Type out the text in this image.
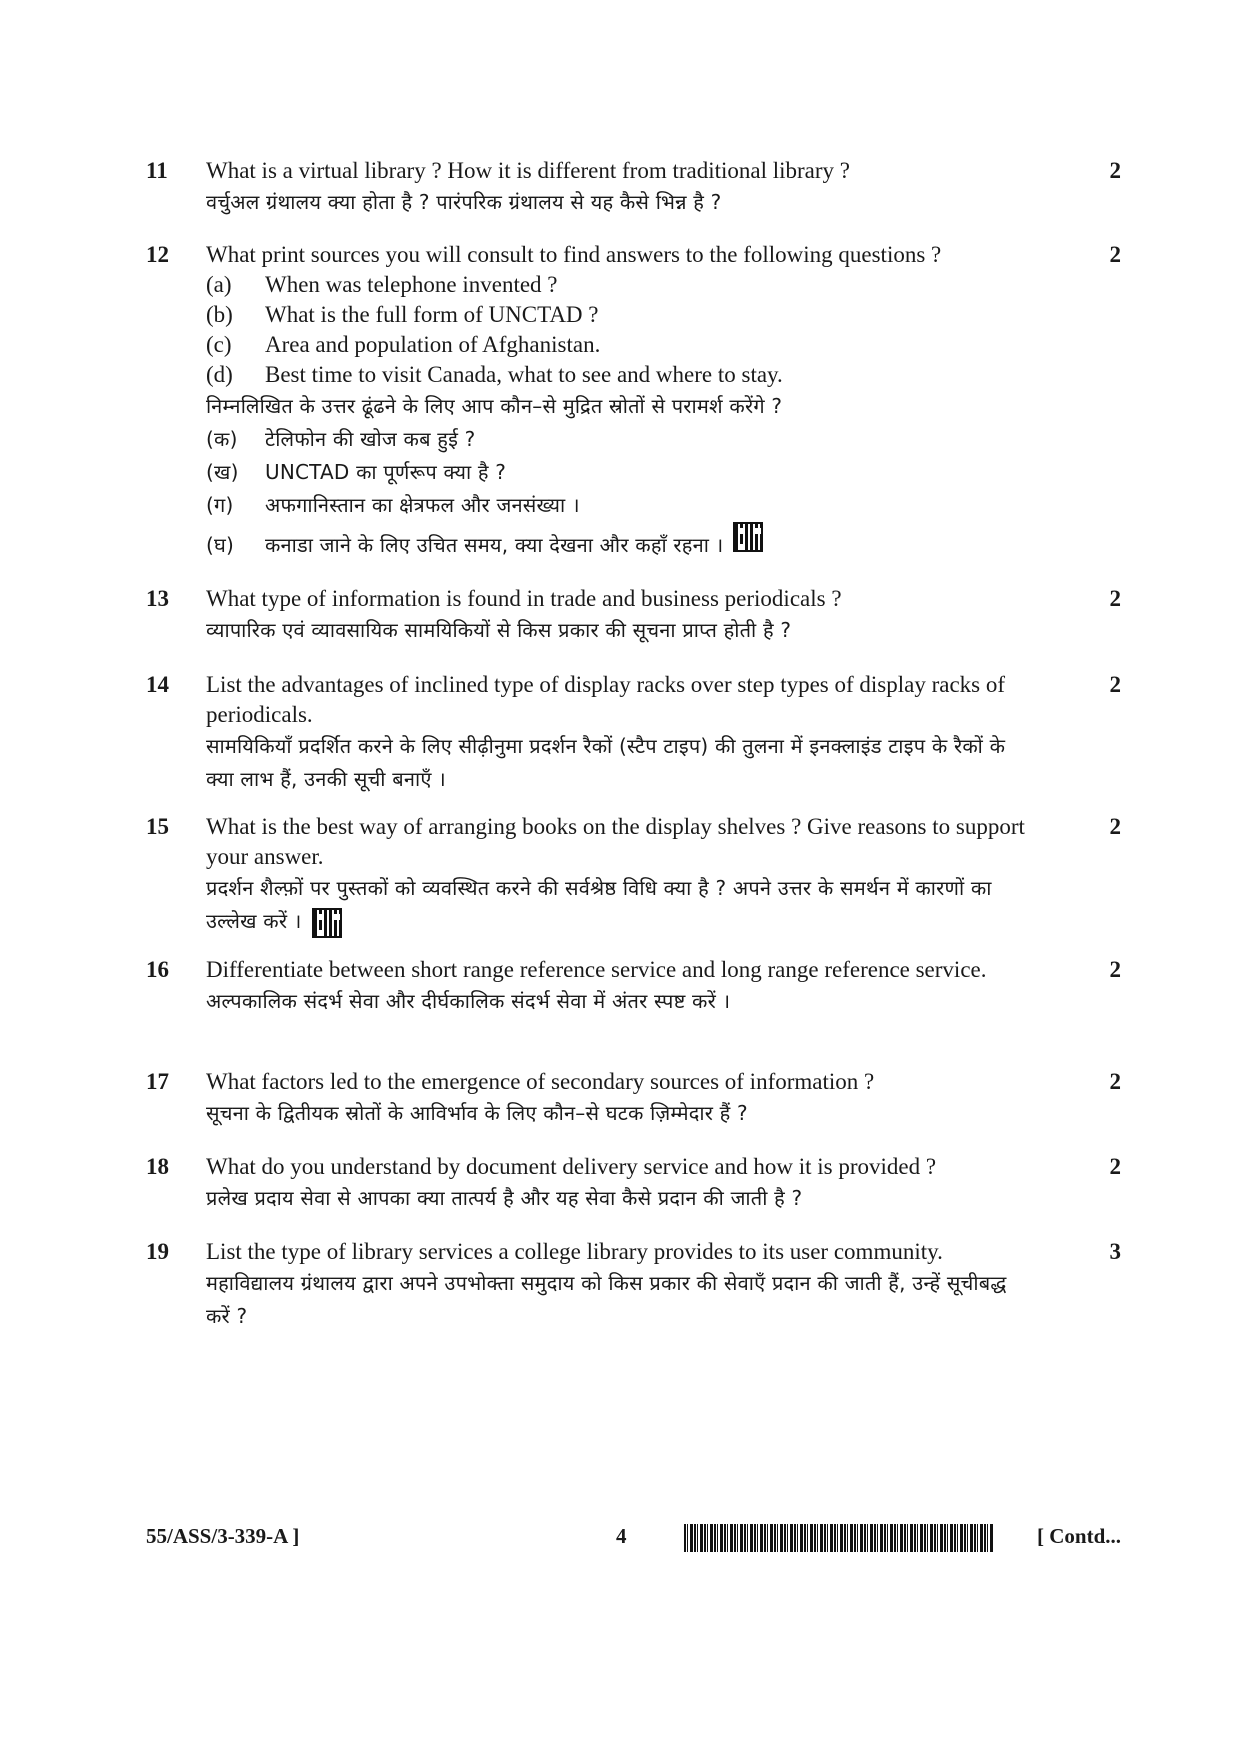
11 What is a virtual library ? How it is different from traditional library ?
वर्चुअल ग्रंथालय क्या होता है ? पारंपरिक ग्रंथालय से यह कैसे भिन्न है ?
2
12 What print sources you will consult to find answers to the following questions ?
(a)	When was telephone invented ?
(b)	What is the full form of UNCTAD ?
(c)	Area and population of Afghanistan.
(d)	Best time to visit Canada, what to see and where to stay.
निम्नलिखित के उत्तर ढूंढने के लिए आप कौन–से मुद्रित स्रोतों से परामर्श करेंगे ?
(क)	टेलिफोन की खोज कब हुई ?
(ख)	UNCTAD का पूर्णरूप क्या है ?
(ग)	अफगानिस्तान का क्षेत्रफल और जनसंख्या ।
(घ)	कनाडा जाने के लिए उचित समय, क्या देखना और कहाँ रहना ।
2
13 What type of information is found in trade and business periodicals ?
व्यापारिक एवं व्यावसायिक सामयिकियों से किस प्रकार की सूचना प्राप्त होती है ?
2
14 List the advantages of inclined type of display racks over step types of display racks of periodicals.
सामयिकियाँ प्रदर्शित करने के लिए सीढ़ीनुमा प्रदर्शन रैकों (स्टैप टाइप) की तुलना में इनक्लाइंड टाइप के रैकों के क्या लाभ हैं, उनकी सूची बनाएँ ।
2
15 What is the best way of arranging books on the display shelves ? Give reasons to support your answer.
प्रदर्शन शैल्फ़ों पर पुस्तकों को व्यवस्थित करने की सर्वश्रेष्ठ विधि क्या है ? अपने उत्तर के समर्थन में कारणों का उल्लेख करें ।
2
16 Differentiate between short range reference service and long range reference service.
अल्पकालिक संदर्भ सेवा और दीर्घकालिक संदर्भ सेवा में अंतर स्पष्ट करें ।
2
17 What factors led to the emergence of secondary sources of information ?
सूचना के द्वितीयक स्रोतों के आविर्भाव के लिए कौन–से घटक ज़िम्मेदार हैं ?
2
18 What do you understand by document delivery service and how it is provided ?
प्रलेख प्रदाय सेवा से आपका क्या तात्पर्य है और यह सेवा कैसे प्रदान की जाती है ?
2
19 List the type of library services a college library provides to its user community.
महाविद्यालय ग्रंथालय द्वारा अपने उपभोक्ता समुदाय को किस प्रकार की सेवाएँ प्रदान की जाती हैं, उन्हें सूचीबद्ध करें ?
3
55/ASS/3-339-A ]	4	[ Contd...
